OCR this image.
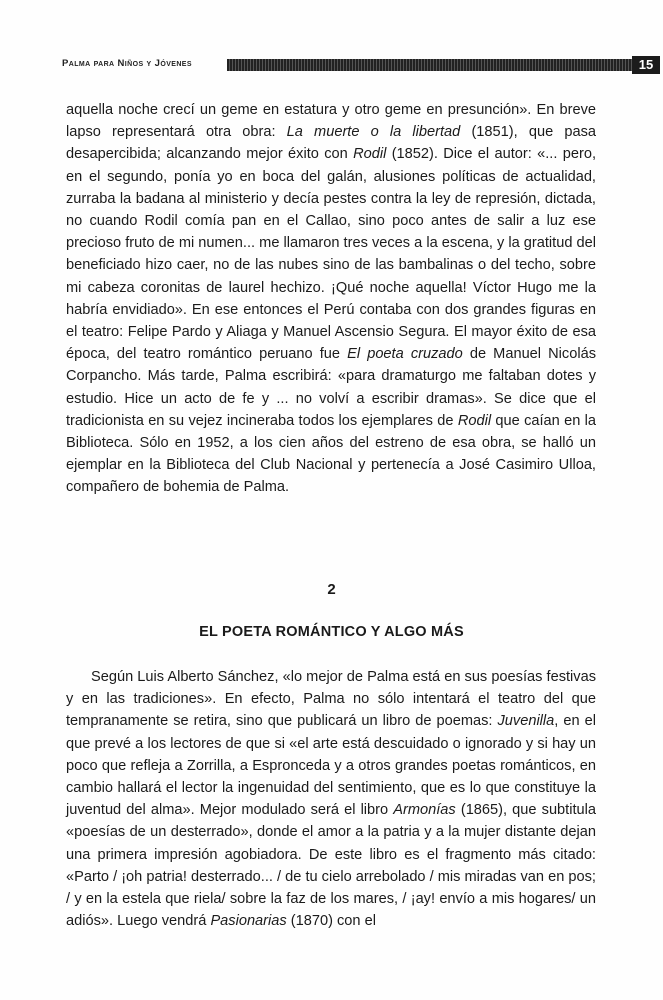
Palma para Niños y Jóvenes	15

aquella noche crecí un geme en estatura y otro geme en presunción». En breve lapso representará otra obra: La muerte o la libertad (1851), que pasa desapercibida; alcanzando mejor éxito con Rodil (1852). Dice el autor: «... pero, en el segundo, ponía yo en boca del galán, alusiones políticas de actualidad, zurraba la badana al ministerio y decía pestes contra la ley de represión, dictada, no cuando Rodil comía pan en el Callao, sino poco antes de salir a luz ese precioso fruto de mi numen... me llamaron tres veces a la escena, y la gratitud del beneficiado hizo caer, no de las nubes sino de las bambalinas o del techo, sobre mi cabeza coronitas de laurel hechizo. ¡Qué noche aquella! Víctor Hugo me la habría envidiado». En ese entonces el Perú contaba con dos grandes figuras en el teatro: Felipe Pardo y Aliaga y Manuel Ascensio Segura. El mayor éxito de esa época, del teatro romántico peruano fue El poeta cruzado de Manuel Nicolás Corpancho. Más tarde, Palma escribirá: «para dramaturgo me faltaban dotes y estudio. Hice un acto de fe y ... no volví a escribir dramas». Se dice que el tradicionista en su vejez incineraba todos los ejemplares de Rodil que caían en la Biblioteca. Sólo en 1952, a los cien años del estreno de esa obra, se halló un ejemplar en la Biblioteca del Club Nacional y pertenecía a José Casimiro Ulloa, compañero de bohemia de Palma.

2
EL POETA ROMÁNTICO Y ALGO MÁS

Según Luis Alberto Sánchez, «lo mejor de Palma está en sus poesías festivas y en las tradiciones». En efecto, Palma no sólo intentará el teatro del que tempranamente se retira, sino que publicará un libro de poemas: Juvenilla, en el que prevé a los lectores de que si «el arte está descuidado o ignorado y si hay un poco que refleja a Zorrilla, a Espronceda y a otros grandes poetas románticos, en cambio hallará el lector la ingenuidad del sentimiento, que es lo que constituye la juventud del alma». Mejor modulado será el libro Armonías (1865), que subtitula «poesías de un desterrado», donde el amor a la patria y a la mujer distante dejan una primera impresión agobiadora. De este libro es el fragmento más citado: «Parto / ¡oh patria! desterrado... / de tu cielo arrebolado / mis miradas van en pos; / y en la estela que riela/ sobre la faz de los mares, / ¡ay! envío a mis hogares/ un adiós». Luego vendrá Pasionarias (1870) con el
